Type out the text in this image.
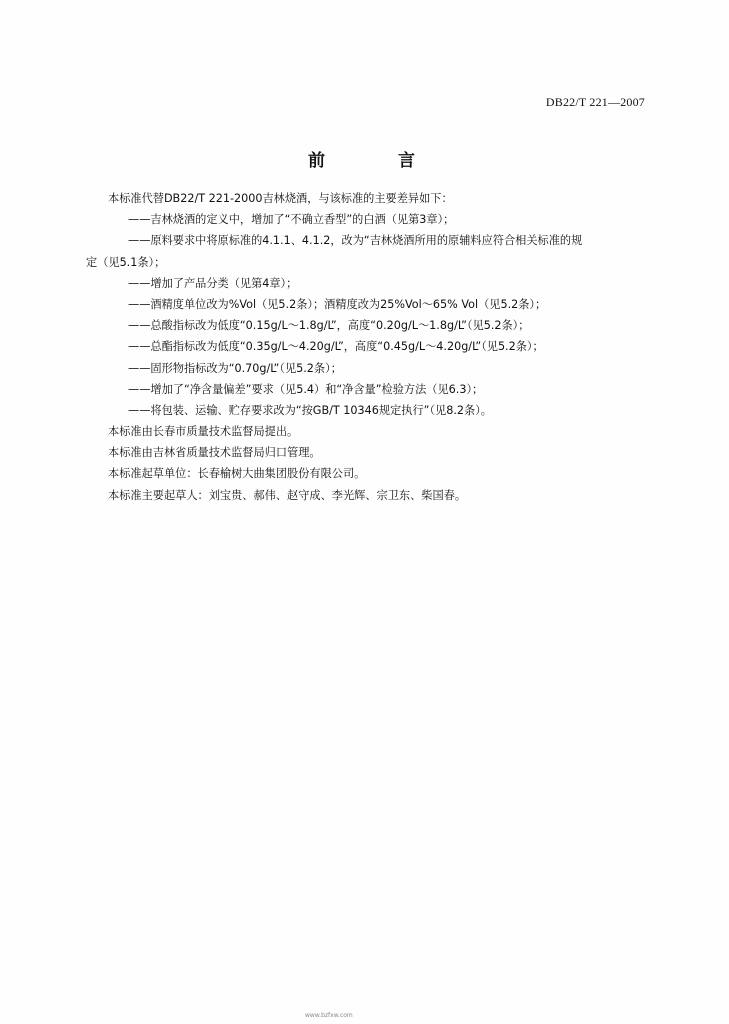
DB22/T 221—2007
前　言
本标准代替DB22/T 221-2000吉林烧酒，与该标准的主要差异如下：
——吉林烧酒的定义中，增加了“不确立香型”的白酒（见第3章）；
——原料要求中将原标准的4.1.1、4.1.2，改为“吉林烧酒所用的原辅料应符合相关标准的规
定（见5.1条）；
——增加了产品分类（见第4章）；
——酒精度单位改为%Vol（见5.2条）；酒精度改为25%Vol～65% Vol（见5.2条）；
——总酸指标改为低度“0.15g/L～1.8g/L”，高度“0.20g/L～1.8g/L”（见5.2条）；
——总酯指标改为低度“0.35g/L～4.20g/L”，高度“0.45g/L～4.20g/L”（见5.2条）；
——固形物指标改为“0.70g/L”（见5.2条）；
——增加了“净含量偏差”要求（见5.4）和“净含量”检验方法（见6.3）；
——将包装、运输、贮存要求改为“按GB/T 10346规定执行”（见8.2条）。
本标准由长春市质量技术监督局提出。
本标准由吉林省质量技术监督局归口管理。
本标准起草单位：长春榆树大曲集团股份有限公司。
本标准主要起草人：刘宝贵、郝伟、赵守成、李光辉、宗卫东、柴国春。
www.bzfxw.com
